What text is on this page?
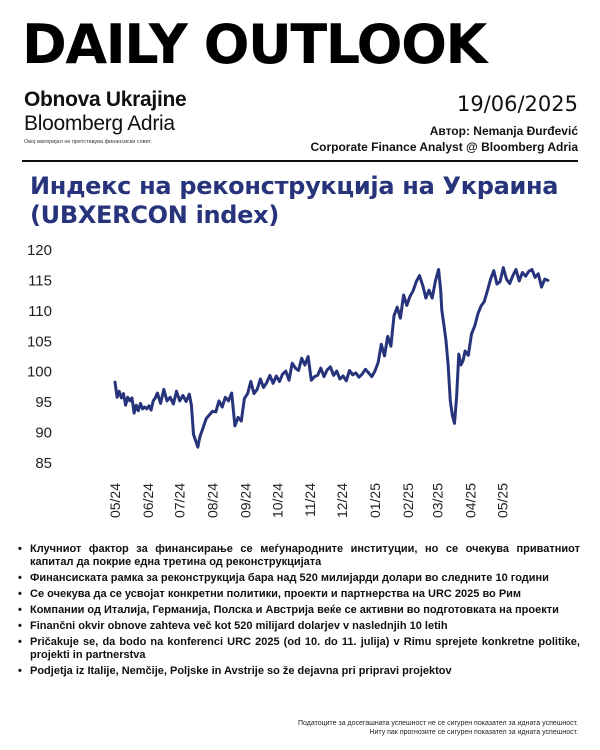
DAILY OUTLOOK
Obnova Ukrajine
Bloomberg Adria
Овој материјал не претставува финансиски совет.
19/06/2025
Автор: Nemanja Đurđević
Corporate Finance Analyst @ Bloomberg Adria
Индекс на реконструкција на Украина (UBXERCON index)
85
90
95
100
105
110
115
120
05/24 06/24 07/24 08/24 09/24 10/24 11/24 12/24 01/25 02/25 03/25 04/25 05/25
• Клучниот фактор за финансирање се меѓународните институции, но се очекува приватниот капитал да покрие една третина од реконструкцијата
• Финансиската рамка за реконструкција бара над 520 милијарди долари во следните 10 години
• Се очекува да се усвојат конкретни политики, проекти и партнерства на URC 2025 во Рим
• Компании од Италија, Германија, Полска и Австрија веќе се активни во подготовката на проекти
• Finančni okvir obnove zahteva več kot 520 milijard dolarjev v naslednjih 10 letih
• Pričakuje se, da bodo na konferenci URC 2025 (od 10. do 11. julija) v Rimu sprejete konkretne politike, projekti in partnerstva
• Podjetja iz Italije, Nemčije, Poljske in Avstrije so že dejavna pri pripravi projektov
Податоците за досегашната успешност не се сигурен показател за идната успешност.
Ниту пак прогнозите се сигурен показател за идната успешност.
